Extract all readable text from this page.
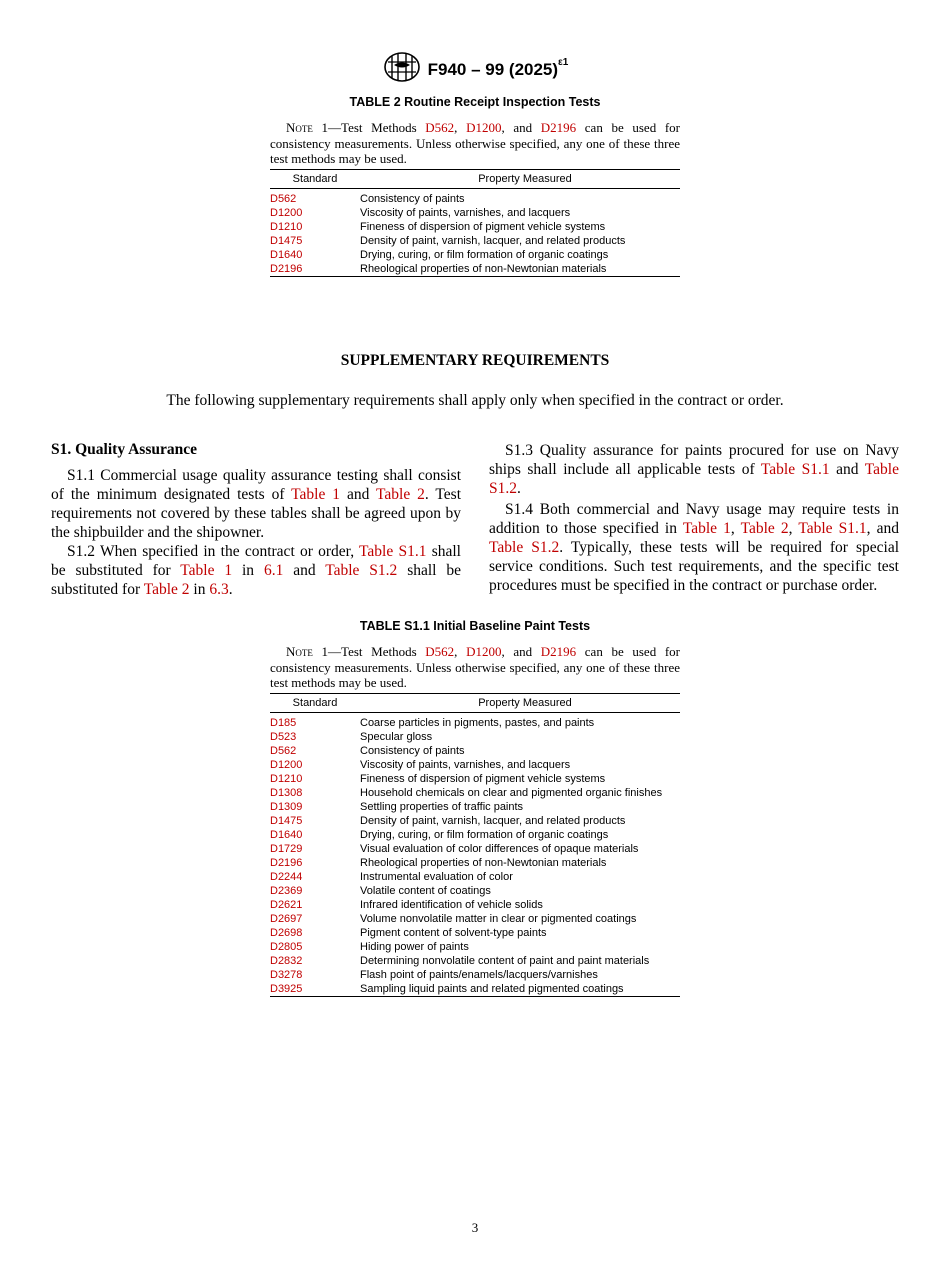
F940 – 99 $(2025)^{\varepsilon 1}$
TABLE 2 Routine Receipt Inspection Tests
Note 1—Test Methods D562, D1200, and D2196 can be used for consistency measurements. Unless otherwise specified, any one of these three test methods may be used.
Standard	Property Measured
D562	Consistency of paints
D1200	Viscosity of paints, varnishes, and lacquers
D1210	Fineness of dispersion of pigment vehicle systems
D1475	Density of paint, varnish, lacquer, and related products
D1640	Drying, curing, or film formation of organic coatings
D2196	Rheological properties of non-Newtonian materials
SUPPLEMENTARY REQUIREMENTS
The following supplementary requirements shall apply only when specified in the contract or order.
S1. Quality Assurance

S1.1 Commercial usage quality assurance testing shall consist of the minimum designated tests of Table 1 and Table 2. Test requirements not covered by these tables shall be agreed upon by the shipbuilder and the shipowner.

S1.2 When specified in the contract or order, Table S1.1 shall be substituted for Table 1 in 6.1 and Table S1.2 shall be substituted for Table 2 in 6.3.

S1.3 Quality assurance for paints procured for use on Navy ships shall include all applicable tests of Table S1.1 and Table S1.2.

S1.4 Both commercial and Navy usage may require tests in addition to those specified in Table 1, Table 2, Table S1.1, and Table S1.2. Typically, these tests will be required for special service conditions. Such test requirements, and the specific test procedures must be specified in the contract or purchase order.

TABLE S1.1 Initial Baseline Paint Tests
Note 1—Test Methods D562, D1200, and D2196 can be used for consistency measurements. Unless otherwise specified, any one of these three test methods may be used.
Standard	Property Measured
D185	Coarse particles in pigments, pastes, and paints
D523	Specular gloss
D562	Consistency of paints
D1200	Viscosity of paints, varnishes, and lacquers
D1210	Fineness of dispersion of pigment vehicle systems
D1308	Household chemicals on clear and pigmented organic finishes
D1309	Settling properties of traffic paints
D1475	Density of paint, varnish, lacquer, and related products
D1640	Drying, curing, or film formation of organic coatings
D1729	Visual evaluation of color differences of opaque materials
D2196	Rheological properties of non-Newtonian materials
D2244	Instrumental evaluation of color
D2369	Volatile content of coatings
D2621	Infrared identification of vehicle solids
D2697	Volume nonvolatile matter in clear or pigmented coatings
D2698	Pigment content of solvent-type paints
D2805	Hiding power of paints
D2832	Determining nonvolatile content of paint and paint materials
D3278	Flash point of paints/enamels/lacquers/varnishes
D3925	Sampling liquid paints and related pigmented coatings
3
